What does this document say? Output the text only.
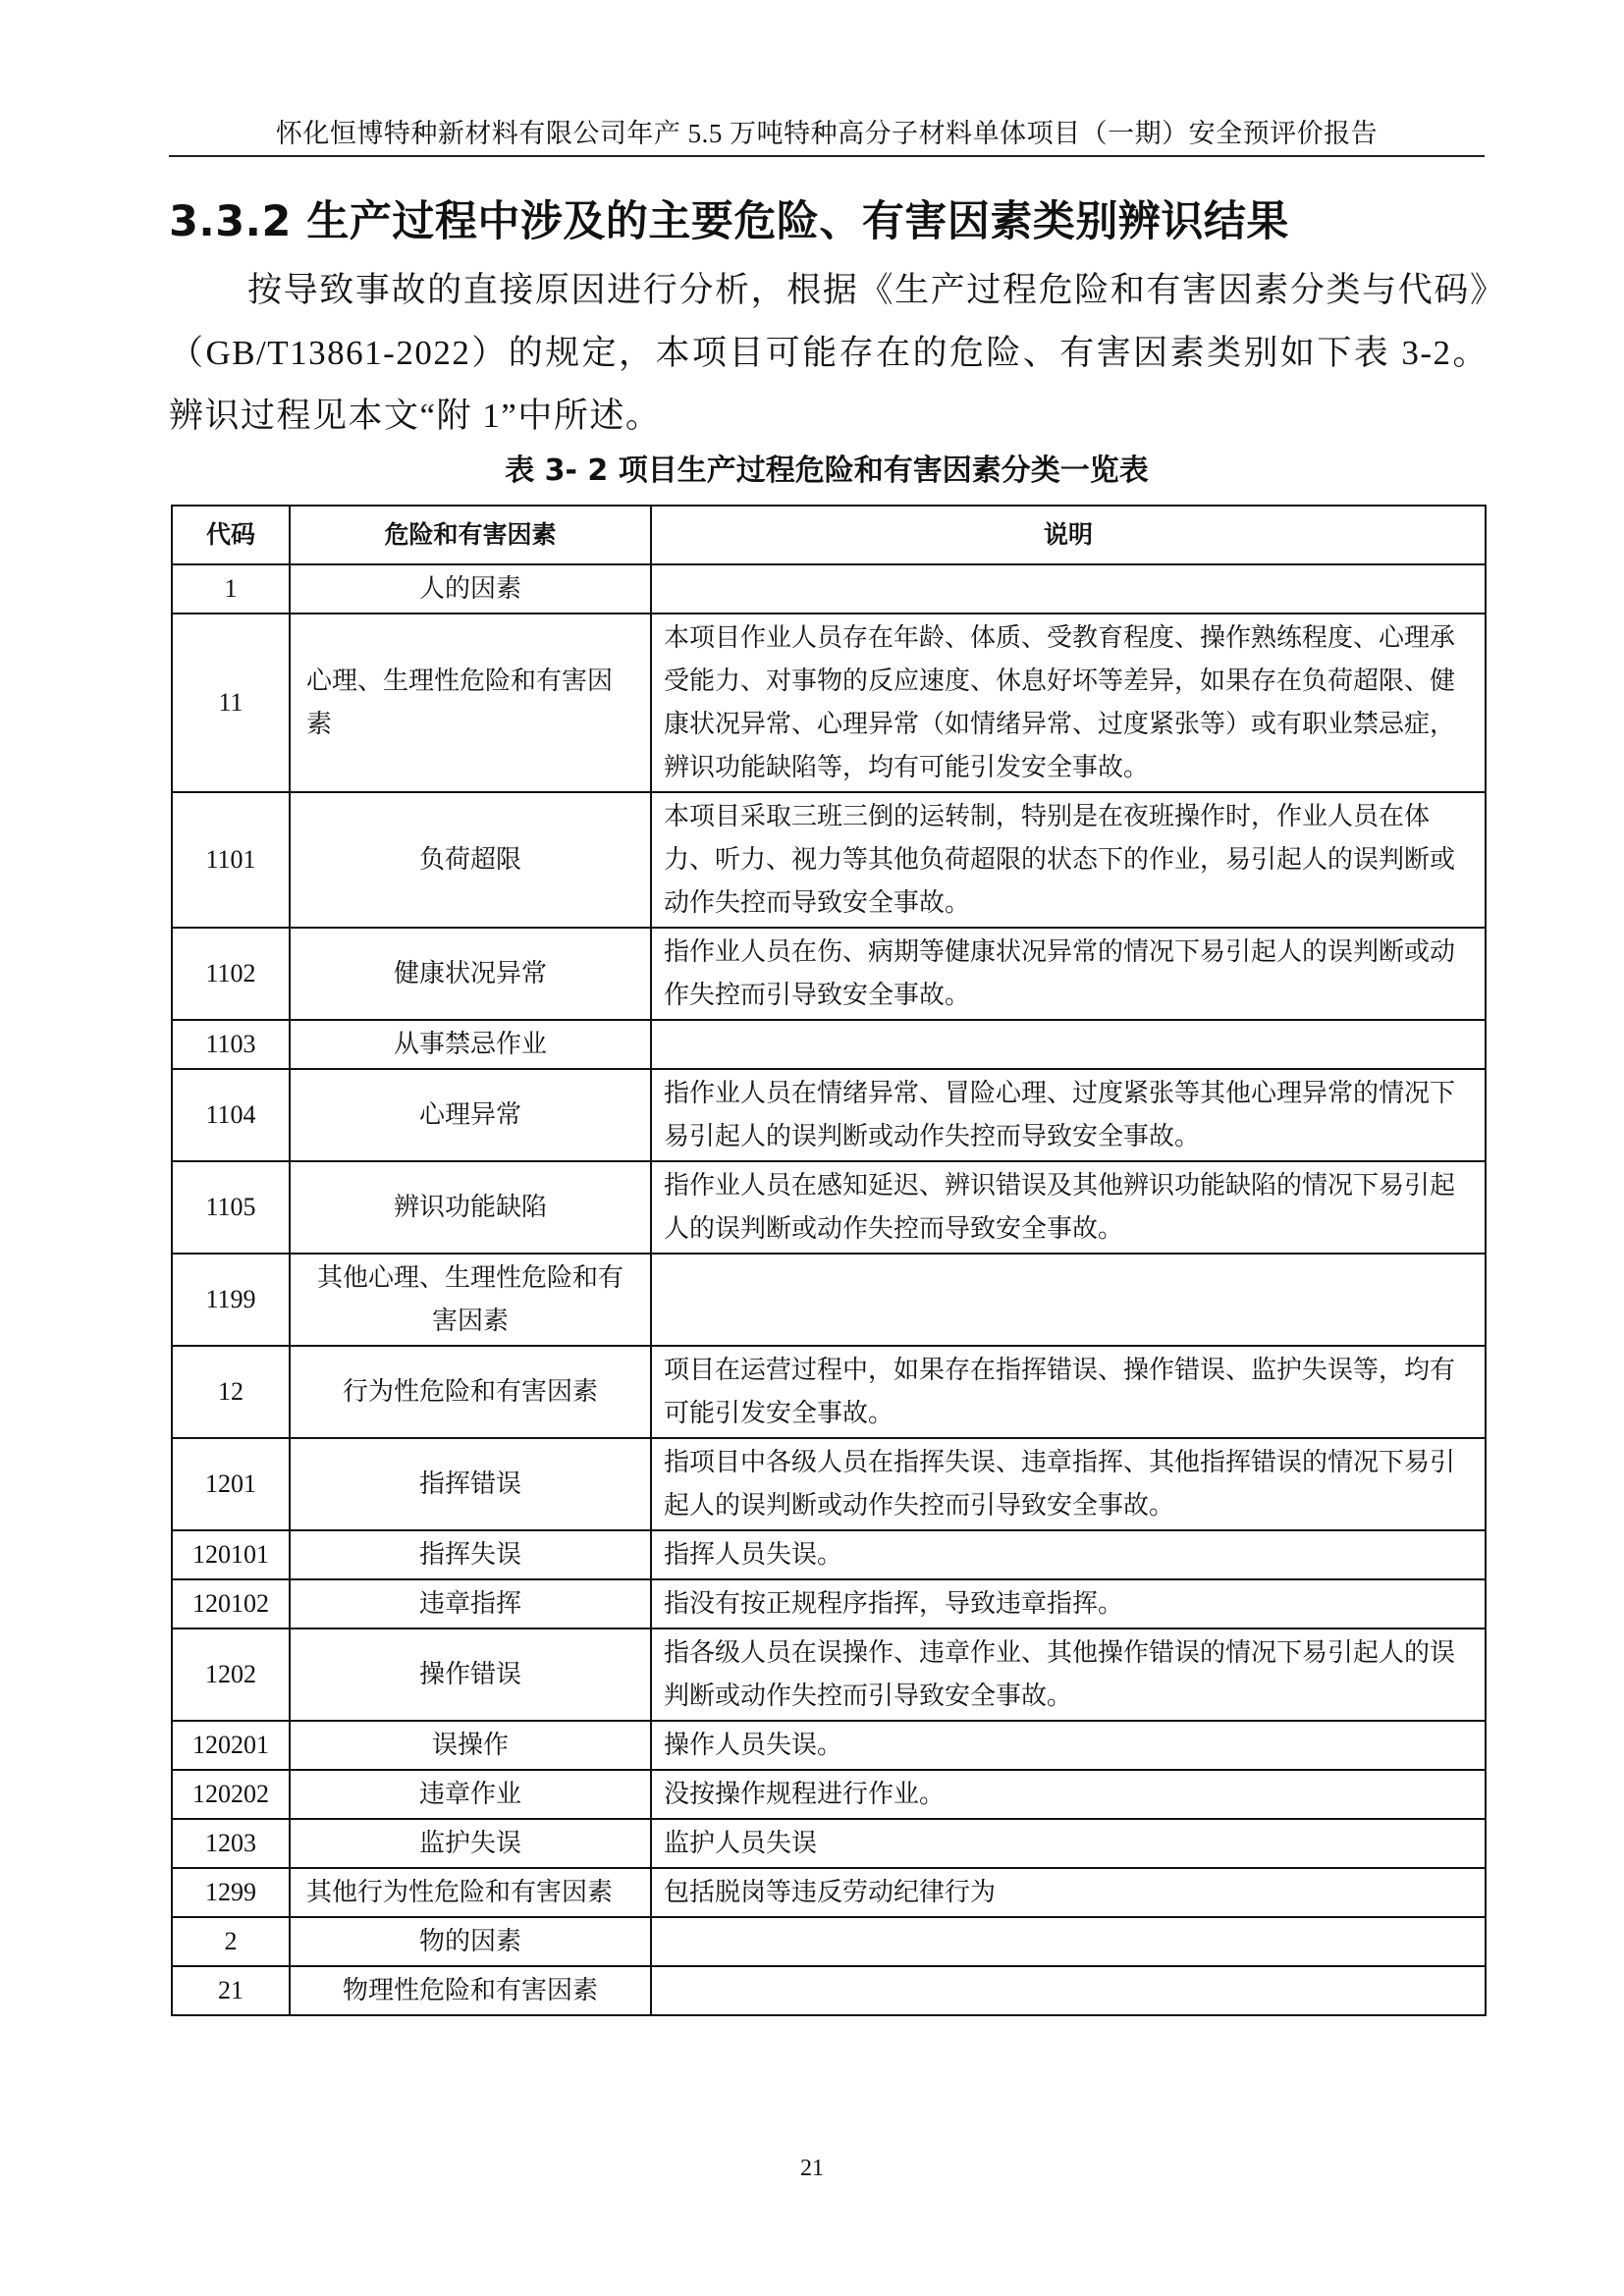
怀化恒博特种新材料有限公司年产 5.5 万吨特种高分子材料单体项目（一期）安全预评价报告
3.3.2 生产过程中涉及的主要危险、有害因素类别辨识结果
按导致事故的直接原因进行分析，根据《生产过程危险和有害因素分类与代码》（GB/T13861-2022）的规定，本项目可能存在的危险、有害因素类别如下表 3-2。辨识过程见本文“附 1”中所述。
表 3- 2 项目生产过程危险和有害因素分类一览表
代码	危险和有害因素	说明
1	人的因素	
11	心理、生理性危险和有害因素	本项目作业人员存在年龄、体质、受教育程度、操作熟练程度、心理承受能力、对事物的反应速度、休息好坏等差异，如果存在负荷超限、健康状况异常、心理异常（如情绪异常、过度紧张等）或有职业禁忌症，辨识功能缺陷等，均有可能引发安全事故。
1101	负荷超限	本项目采取三班三倒的运转制，特别是在夜班操作时，作业人员在体力、听力、视力等其他负荷超限的状态下的作业，易引起人的误判断或动作失控而导致安全事故。
1102	健康状况异常	指作业人员在伤、病期等健康状况异常的情况下易引起人的误判断或动作失控而引导致安全事故。
1103	从事禁忌作业	
1104	心理异常	指作业人员在情绪异常、冒险心理、过度紧张等其他心理异常的情况下易引起人的误判断或动作失控而导致安全事故。
1105	辨识功能缺陷	指作业人员在感知延迟、辨识错误及其他辨识功能缺陷的情况下易引起人的误判断或动作失控而导致安全事故。
1199	其他心理、生理性危险和有害因素	
12	行为性危险和有害因素	项目在运营过程中，如果存在指挥错误、操作错误、监护失误等，均有可能引发安全事故。
1201	指挥错误	指项目中各级人员在指挥失误、违章指挥、其他指挥错误的情况下易引起人的误判断或动作失控而引导致安全事故。
120101	指挥失误	指挥人员失误。
120102	违章指挥	指没有按正规程序指挥，导致违章指挥。
1202	操作错误	指各级人员在误操作、违章作业、其他操作错误的情况下易引起人的误判断或动作失控而引导致安全事故。
120201	误操作	操作人员失误。
120202	违章作业	没按操作规程进行作业。
1203	监护失误	监护人员失误
1299	其他行为性危险和有害因素	包括脱岗等违反劳动纪律行为
2	物的因素	
21	物理性危险和有害因素	
21
